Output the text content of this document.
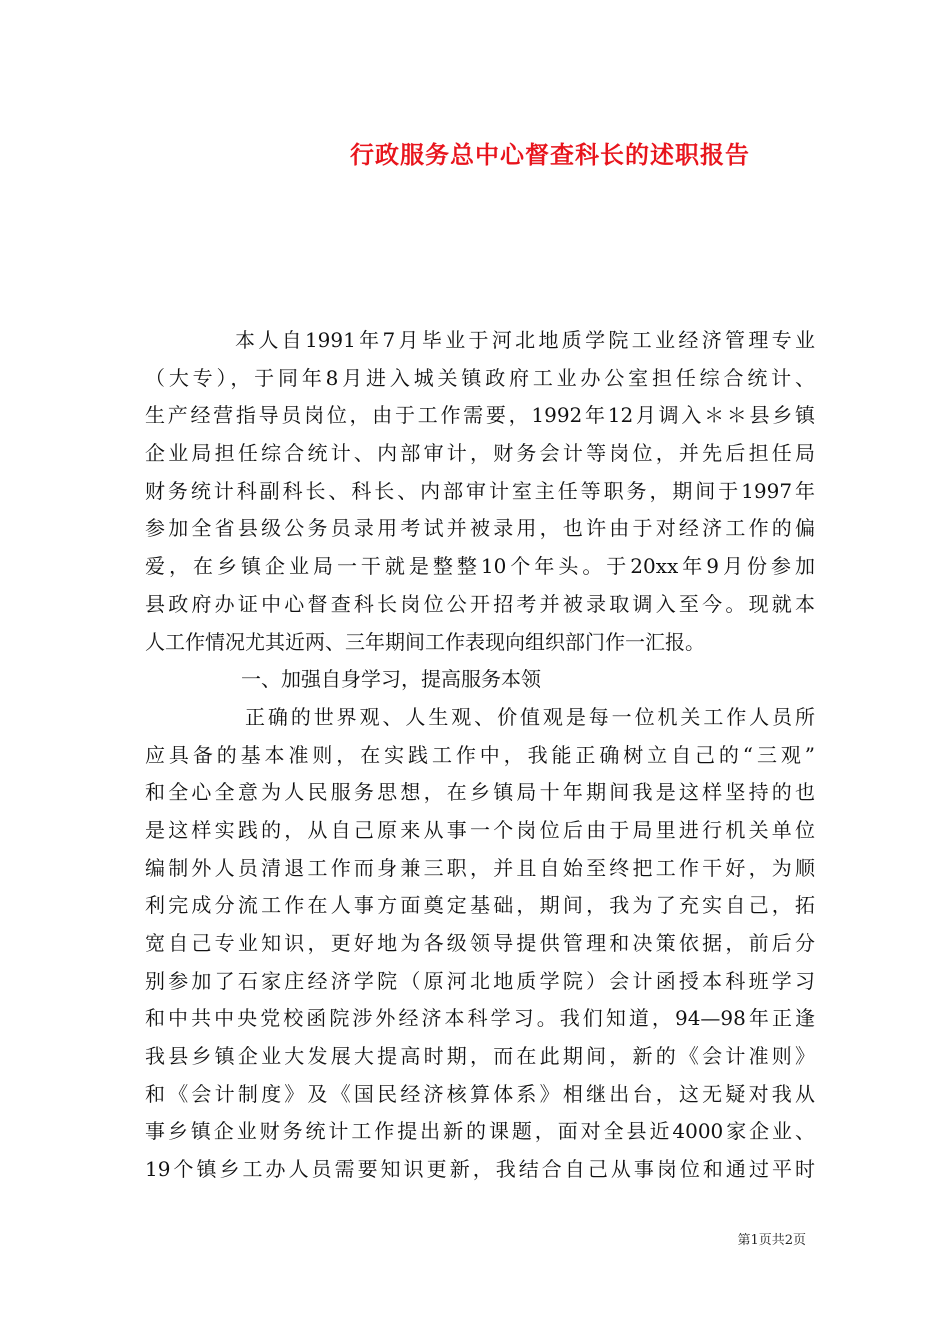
行政服务总中心督查科长的述职报告
本人自1991年7月毕业于河北地质学院工业经济管理专业
（大专），于同年8月进入城关镇政府工业办公室担任综合统计、
生产经营指导员岗位，由于工作需要，1992年12月调入＊＊县乡镇
企业局担任综合统计、内部审计，财务会计等岗位，并先后担任局
财务统计科副科长、科长、内部审计室主任等职务，期间于1997年
参加全省县级公务员录用考试并被录用，也许由于对经济工作的偏
爱，在乡镇企业局一干就是整整10个年头。于20xx年9月份参加
县政府办证中心督查科长岗位公开招考并被录取调入至今。现就本
人工作情况尤其近两、三年期间工作表现向组织部门作一汇报。
一、加强自身学习，提高服务本领
正确的世界观、人生观、价值观是每一位机关工作人员所
应具备的基本准则，在实践工作中，我能正确树立自己的“三观”
和全心全意为人民服务思想，在乡镇局十年期间我是这样坚持的也
是这样实践的，从自己原来从事一个岗位后由于局里进行机关单位
编制外人员清退工作而身兼三职，并且自始至终把工作干好，为顺
利完成分流工作在人事方面奠定基础，期间，我为了充实自己，拓
宽自己专业知识，更好地为各级领导提供管理和决策依据，前后分
别参加了石家庄经济学院（原河北地质学院）会计函授本科班学习
和中共中央党校函院涉外经济本科学习。我们知道，94—98年正逢
我县乡镇企业大发展大提高时期，而在此期间，新的《会计准则》
和《会计制度》及《国民经济核算体系》相继出台，这无疑对我从
事乡镇企业财务统计工作提出新的课题，面对全县近4000家企业、
19个镇乡工办人员需要知识更新，我结合自己从事岗位和通过平时
第1页共2页
